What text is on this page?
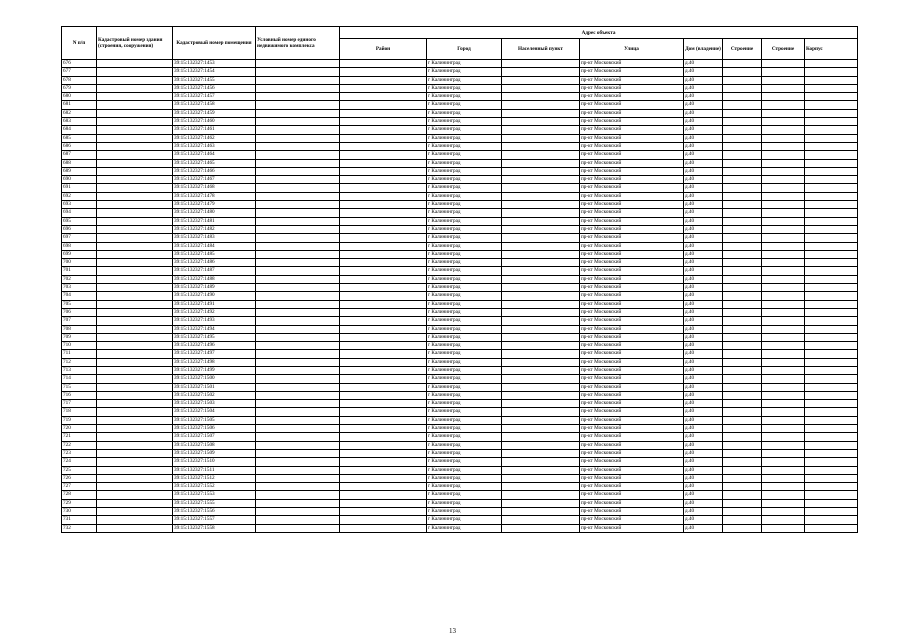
N п/п	Кадастровый номер здания (строения, сооружения)	Кадастровый номер помещения	Условный номер единого недвижимого комплекса	Адрес объекта							
				Район	Город	Населенный пункт	Улица	Дом (владение)	Строение	Строение	Корпус
676		39:15:132327:1453			г Калининград		пр-кт Московский	д.40			
677		39:15:132327:1454			г Калининград		пр-кт Московский	д.40			
678		39:15:132327:1455			г Калининград		пр-кт Московский	д.40			
679		39:15:132327:1456			г Калининград		пр-кт Московский	д.40			
680		39:15:132327:1457			г Калининград		пр-кт Московский	д.40			
681		39:15:132327:1458			г Калининград		пр-кт Московский	д.40			
682		39:15:132327:1459			г Калининград		пр-кт Московский	д.40			
683		39:15:132327:1460			г Калининград		пр-кт Московский	д.40			
684		39:15:132327:1461			г Калининград		пр-кт Московский	д.40			
685		39:15:132327:1462			г Калининград		пр-кт Московский	д.40			
686		39:15:132327:1463			г Калининград		пр-кт Московский	д.40			
687		39:15:132327:1464			г Калининград		пр-кт Московский	д.40			
688		39:15:132327:1465			г Калининград		пр-кт Московский	д.40			
689		39:15:132327:1466			г Калининград		пр-кт Московский	д.40			
690		39:15:132327:1467			г Калининград		пр-кт Московский	д.40			
691		39:15:132327:1468			г Калининград		пр-кт Московский	д.40			
692		39:15:132327:1478			г Калининград		пр-кт Московский	д.40			
693		39:15:132327:1479			г Калининград		пр-кт Московский	д.40			
694		39:15:132327:1480			г Калининград		пр-кт Московский	д.40			
695		39:15:132327:1481			г Калининград		пр-кт Московский	д.40			
696		39:15:132327:1482			г Калининград		пр-кт Московский	д.40			
697		39:15:132327:1483			г Калининград		пр-кт Московский	д.40			
698		39:15:132327:1484			г Калининград		пр-кт Московский	д.40			
699		39:15:132327:1485			г Калининград		пр-кт Московский	д.40			
700		39:15:132327:1486			г Калининград		пр-кт Московский	д.40			
701		39:15:132327:1487			г Калининград		пр-кт Московский	д.40			
702		39:15:132327:1488			г Калининград		пр-кт Московский	д.40			
703		39:15:132327:1489			г Калининград		пр-кт Московский	д.40			
704		39:15:132327:1490			г Калининград		пр-кт Московский	д.40			
705		39:15:132327:1491			г Калининград		пр-кт Московский	д.40			
706		39:15:132327:1492			г Калининград		пр-кт Московский	д.40			
707		39:15:132327:1493			г Калининград		пр-кт Московский	д.40			
708		39:15:132327:1494			г Калининград		пр-кт Московский	д.40			
709		39:15:132327:1495			г Калининград		пр-кт Московский	д.40			
710		39:15:132327:1496			г Калининград		пр-кт Московский	д.40			
711		39:15:132327:1497			г Калининград		пр-кт Московский	д.40			
712		39:15:132327:1498			г Калининград		пр-кт Московский	д.40			
713		39:15:132327:1499			г Калининград		пр-кт Московский	д.40			
714		39:15:132327:1500			г Калининград		пр-кт Московский	д.40			
715		39:15:132327:1501			г Калининград		пр-кт Московский	д.40			
716		39:15:132327:1502			г Калининград		пр-кт Московский	д.40			
717		39:15:132327:1503			г Калининград		пр-кт Московский	д.40			
718		39:15:132327:1504			г Калининград		пр-кт Московский	д.40			
719		39:15:132327:1505			г Калининград		пр-кт Московский	д.40			
720		39:15:132327:1506			г Калининград		пр-кт Московский	д.40			
721		39:15:132327:1507			г Калининград		пр-кт Московский	д.40			
722		39:15:132327:1508			г Калининград		пр-кт Московский	д.40			
723		39:15:132327:1509			г Калининград		пр-кт Московский	д.40			
724		39:15:132327:1510			г Калининград		пр-кт Московский	д.40			
725		39:15:132327:1511			г Калининград		пр-кт Московский	д.40			
726		39:15:132327:1512			г Калининград		пр-кт Московский	д.40			
727		39:15:132327:1552			г Калининград		пр-кт Московский	д.40			
728		39:15:132327:1553			г Калининград		пр-кт Московский	д.40			
729		39:15:132327:1555			г Калининград		пр-кт Московский	д.40			
730		39:15:132327:1556			г Калининград		пр-кт Московский	д.40			
731		39:15:132327:1557			г Калининград		пр-кт Московский	д.40			
732		39:15:132327:1558			г Калининград		пр-кт Московский	д.40			
13
